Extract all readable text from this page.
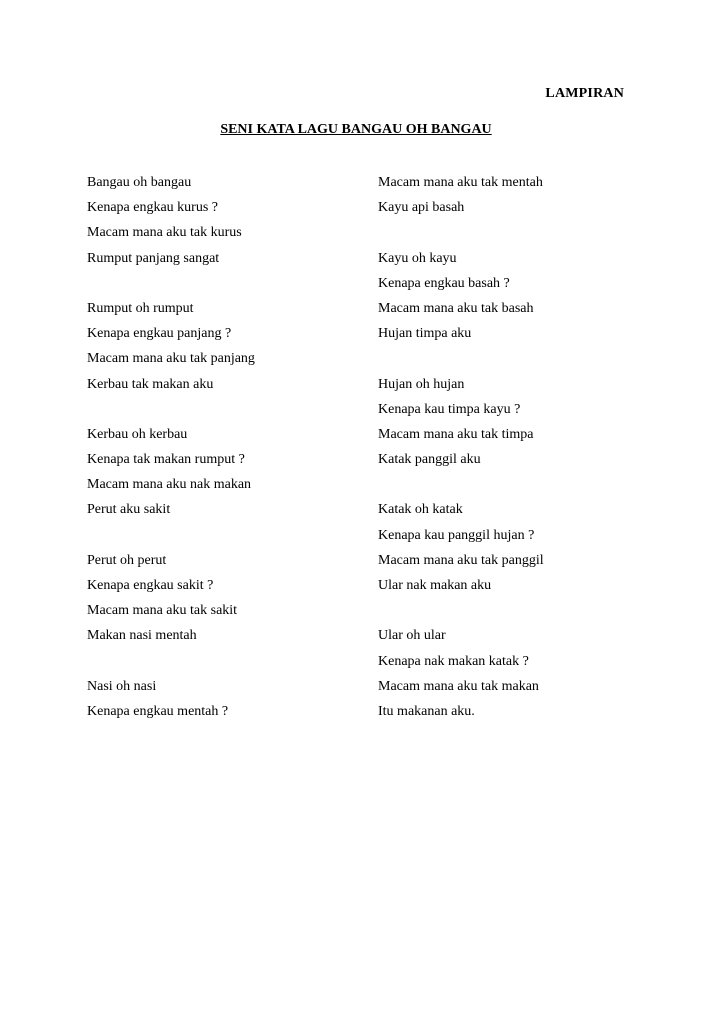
LAMPIRAN
SENI KATA LAGU BANGAU OH BANGAU
Bangau oh bangau
Kenapa engkau kurus ?
Macam mana aku tak kurus
Rumput panjang sangat
Rumput oh rumput
Kenapa engkau panjang ?
Macam mana aku tak panjang
Kerbau tak makan aku
Kerbau oh kerbau
Kenapa tak makan rumput ?
Macam mana aku nak makan
Perut aku sakit
Perut oh perut
Kenapa engkau sakit ?
Macam mana aku tak sakit
Makan nasi mentah
Nasi oh nasi
Kenapa engkau mentah ?
Macam mana aku tak mentah
Kayu api basah
Kayu oh kayu
Kenapa engkau basah ?
Macam mana aku tak basah
Hujan timpa aku
Hujan oh hujan
Kenapa kau timpa kayu ?
Macam mana aku tak timpa
Katak panggil aku
Katak oh katak
Kenapa kau panggil hujan ?
Macam mana aku tak panggil
Ular nak makan aku
Ular oh ular
Kenapa nak makan katak ?
Macam mana aku tak makan
Itu makanan aku.
